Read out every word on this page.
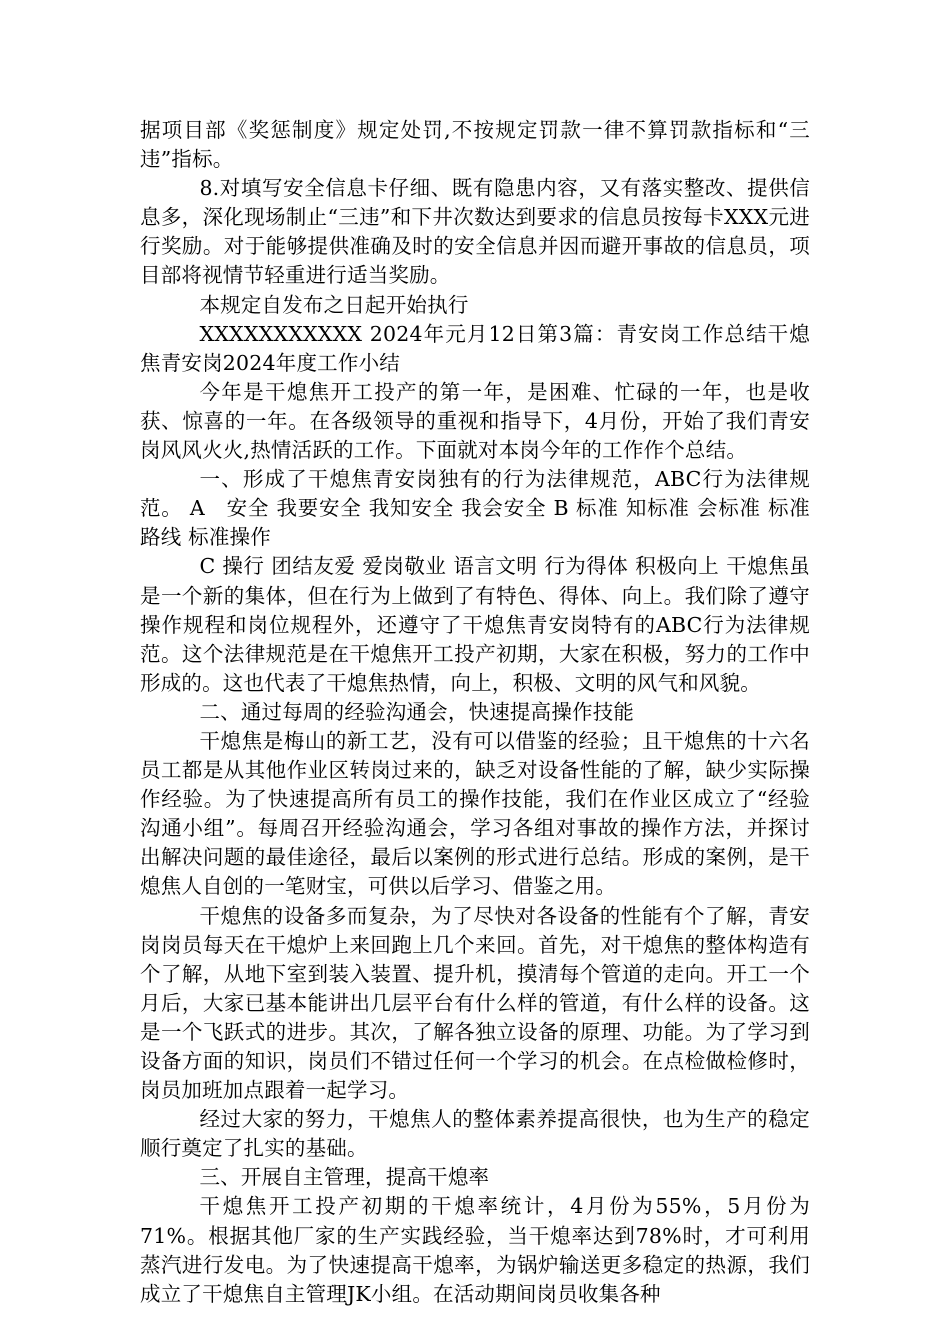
据项目部《奖惩制度》规定处罚,不按规定罚款一律不算罚款指标和“三违”指标。

8.对填写安全信息卡仔细、既有隐患内容，又有落实整改、提供信息多，深化现场制止“三违”和下井次数达到要求的信息员按每卡XXX元进行奖励。对于能够提供准确及时的安全信息并因而避开事故的信息员，项目部将视情节轻重进行适当奖励。

本规定自发布之日起开始执行

XXXXXXXXXXX 2024年元月12日第3篇：青安岗工作总结干熄焦青安岗2024年度工作小结

今年是干熄焦开工投产的第一年，是困难、忙碌的一年，也是收获、惊喜的一年。在各级领导的重视和指导下，4月份，开始了我们青安岗风风火火,热情活跃的工作。下面就对本岗今年的工作作个总结。

一、形成了干熄焦青安岗独有的行为法律规范，ABC行为法律规范。 A　安全 我要安全 我知安全 我会安全 B 标准 知标准 会标准 标准路线 标准操作

C 操行 团结友爱 爱岗敬业 语言文明 行为得体 积极向上 干熄焦虽是一个新的集体，但在行为上做到了有特色、得体、向上。我们除了遵守操作规程和岗位规程外，还遵守了干熄焦青安岗特有的ABC行为法律规范。这个法律规范是在干熄焦开工投产初期，大家在积极，努力的工作中形成的。这也代表了干熄焦热情，向上，积极、文明的风气和风貌。

二、通过每周的经验沟通会，快速提高操作技能

干熄焦是梅山的新工艺，没有可以借鉴的经验；且干熄焦的十六名员工都是从其他作业区转岗过来的，缺乏对设备性能的了解，缺少实际操作经验。为了快速提高所有员工的操作技能，我们在作业区成立了“经验沟通小组”。每周召开经验沟通会，学习各组对事故的操作方法，并探讨出解决问题的最佳途径，最后以案例的形式进行总结。形成的案例，是干熄焦人自创的一笔财宝，可供以后学习、借鉴之用。

干熄焦的设备多而复杂，为了尽快对各设备的性能有个了解，青安岗岗员每天在干熄炉上来回跑上几个来回。首先，对干熄焦的整体构造有个了解，从地下室到装入装置、提升机，摸清每个管道的走向。开工一个月后，大家已基本能讲出几层平台有什么样的管道，有什么样的设备。这是一个飞跃式的进步。其次，了解各独立设备的原理、功能。为了学习到设备方面的知识，岗员们不错过任何一个学习的机会。在点检做检修时，岗员加班加点跟着一起学习。

经过大家的努力，干熄焦人的整体素养提高很快，也为生产的稳定顺行奠定了扎实的基础。

三、开展自主管理，提高干熄率

干熄焦开工投产初期的干熄率统计，4月份为55%，5月份为71%。根据其他厂家的生产实践经验，当干熄率达到78%时，才可利用蒸汽进行发电。为了快速提高干熄率，为锅炉输送更多稳定的热源，我们成立了干熄焦自主管理JK小组。在活动期间岗员收集各种
